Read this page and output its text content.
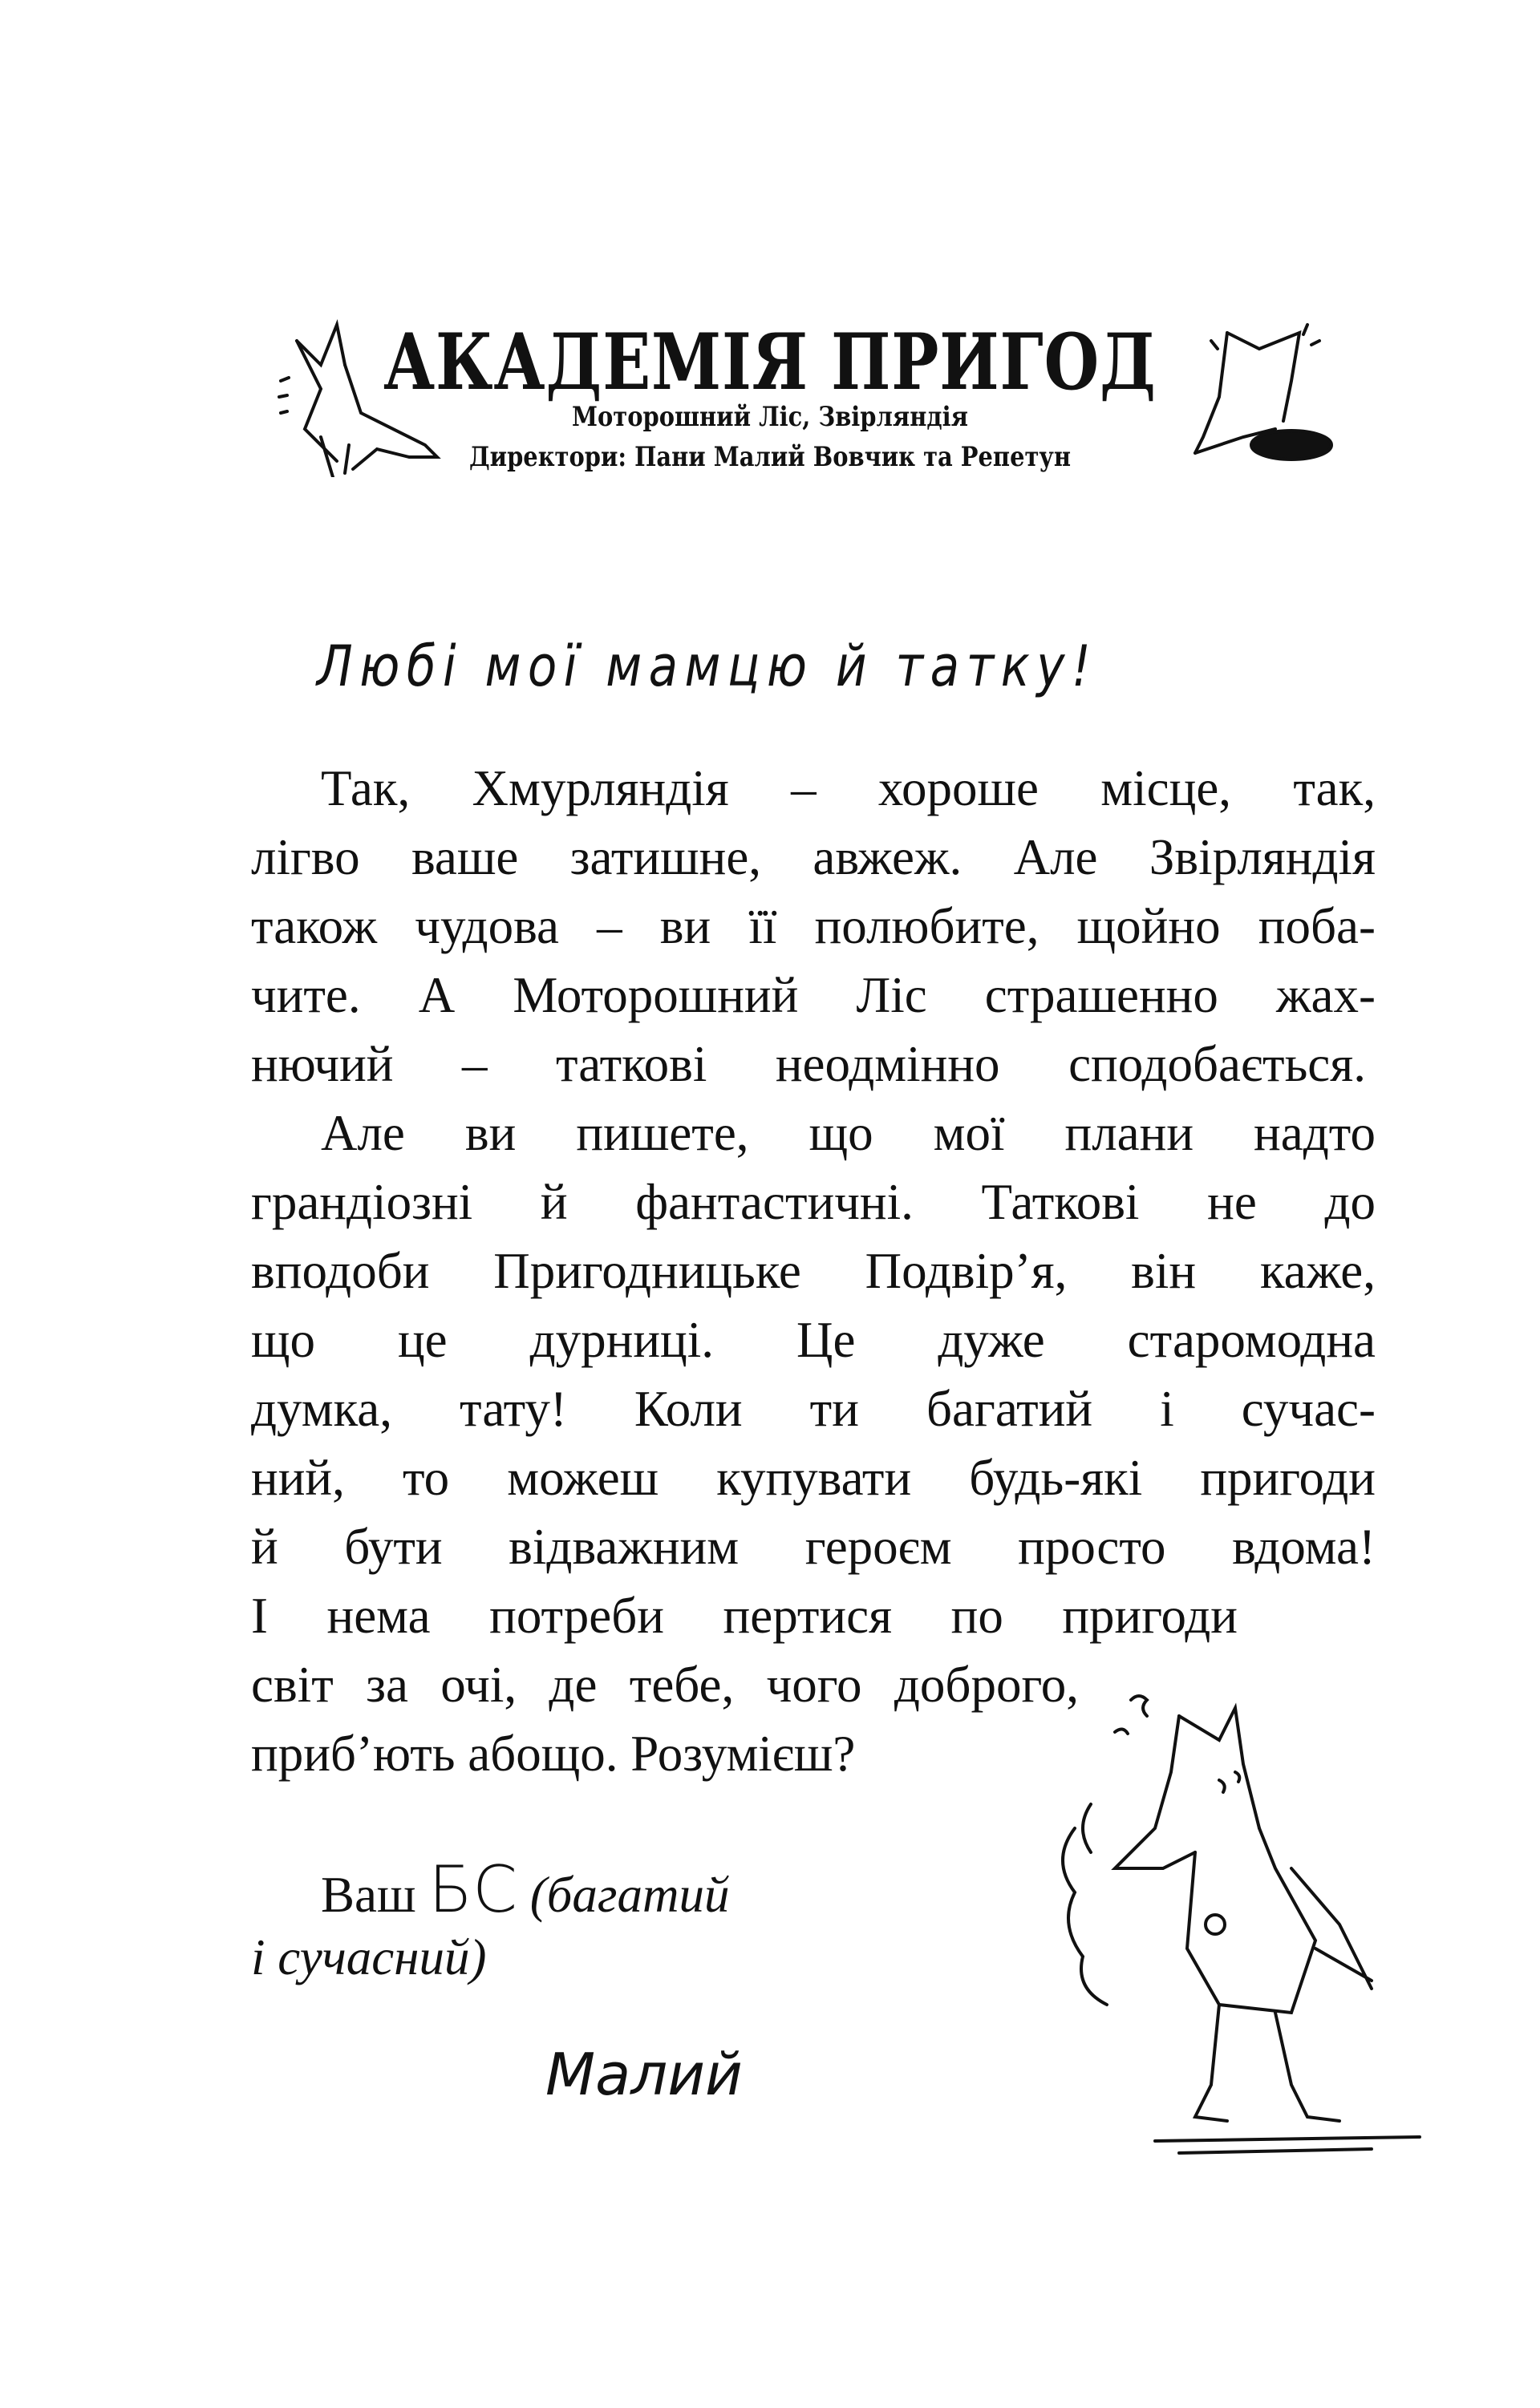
АКАДЕМІЯ ПРИГОД
Моторошний Ліс, Звірляндія
Директори: Пани Малий Вовчик та Репетун
Любі мої мамцю й татку!
Так, Хмурляндія – хороше місце, так,
лігво ваше затишне, авжеж. Але Звірляндія
також чудова – ви її полюбите, щойно поба-
чите. А Моторошний Ліс страшенно жах-
нючий – таткові неодмінно сподобається.
Але ви пишете, що мої плани надто
грандіозні й фантастичні. Таткові не до
вподоби Пригодницьке Подвір’я, він каже,
що це дурниці. Це дуже старомодна
думка, тату! Коли ти багатий і сучас-
ний, то можеш купувати будь-які пригоди
й бути відважним героєм просто вдома!
І нема потреби пертися по пригоди
світ за очі, де тебе, чого доброго,
приб’ють абощо. Розумієш?
Ваш БС (багатий
і сучасний)
Малий
